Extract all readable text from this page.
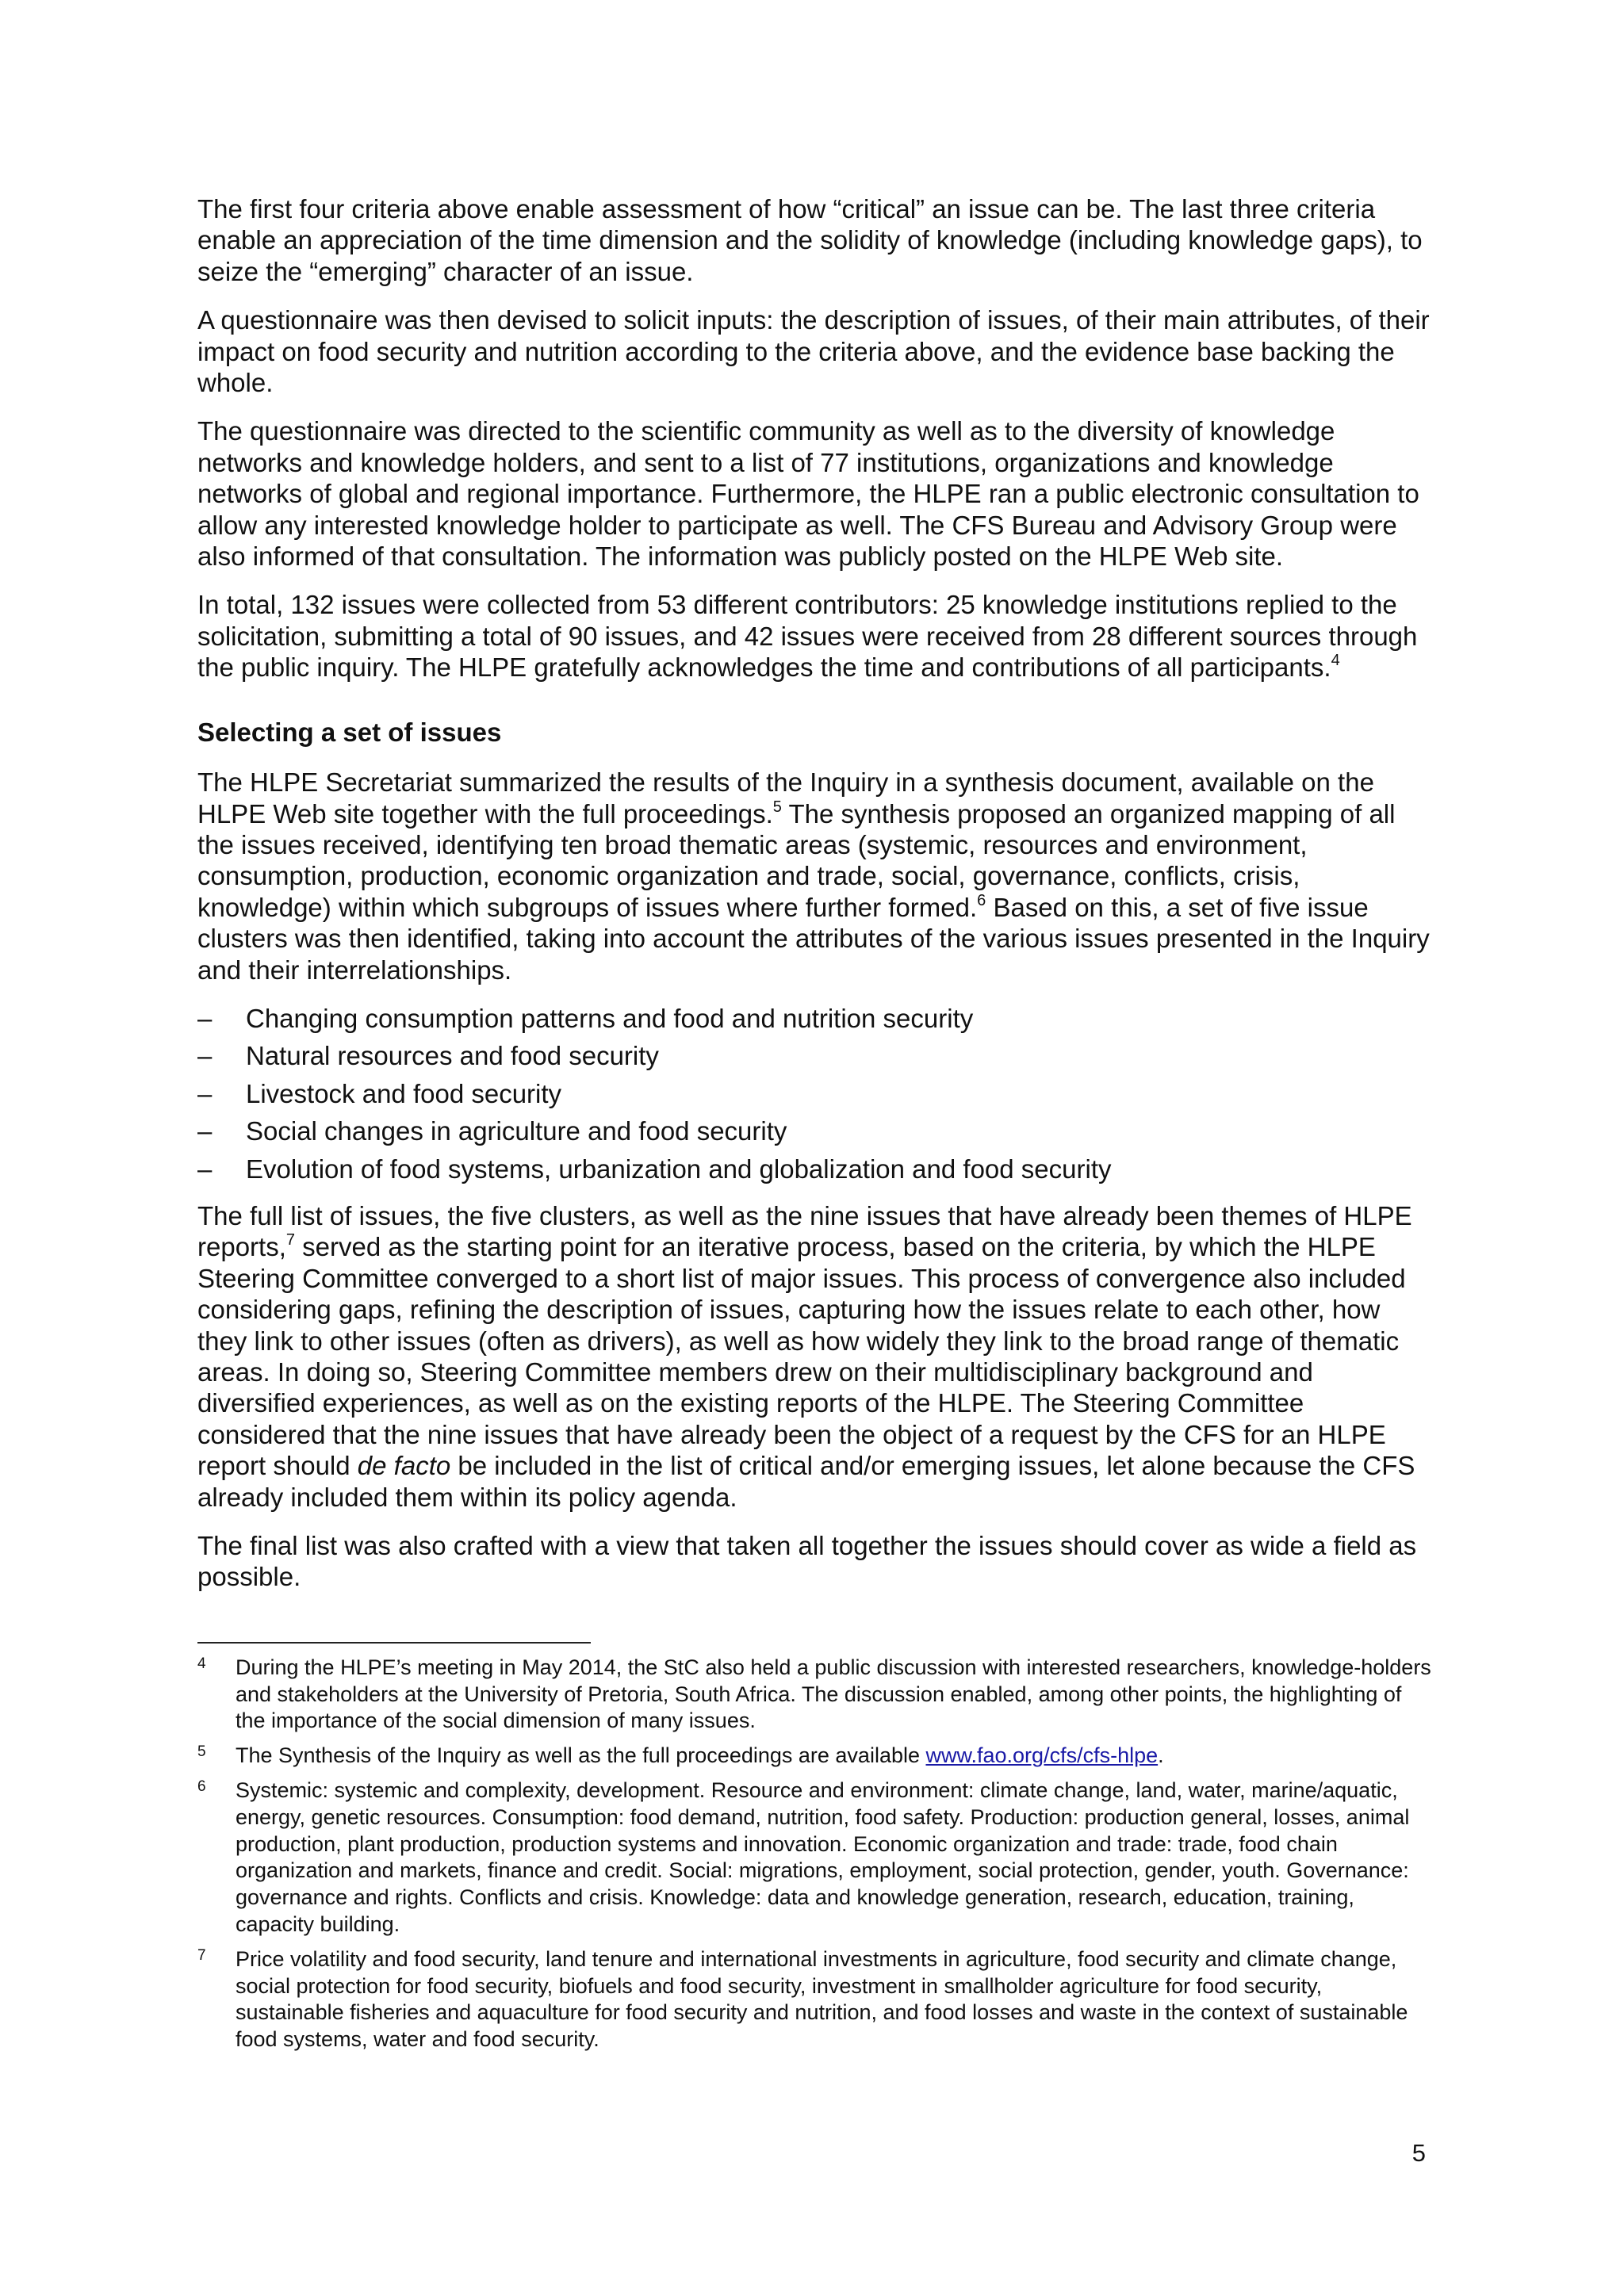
The first four criteria above enable assessment of how “critical” an issue can be. The last three criteria enable an appreciation of the time dimension and the solidity of knowledge (including knowledge gaps), to seize the “emerging” character of an issue.

A questionnaire was then devised to solicit inputs: the description of issues, of their main attributes, of their impact on food security and nutrition according to the criteria above, and the evidence base backing the whole.

The questionnaire was directed to the scientific community as well as to the diversity of knowledge networks and knowledge holders, and sent to a list of 77 institutions, organizations and knowledge networks of global and regional importance. Furthermore, the HLPE ran a public electronic consultation to allow any interested knowledge holder to participate as well. The CFS Bureau and Advisory Group were also informed of that consultation. The information was publicly posted on the HLPE Web site.

In total, 132 issues were collected from 53 different contributors: 25 knowledge institutions replied to the solicitation, submitting a total of 90 issues, and 42 issues were received from 28 different sources through the public inquiry. The HLPE gratefully acknowledges the time and contributions of all participants.$^4$

Selecting a set of issues

The HLPE Secretariat summarized the results of the Inquiry in a synthesis document, available on the HLPE Web site together with the full proceedings.$^5$ The synthesis proposed an organized mapping of all the issues received, identifying ten broad thematic areas (systemic, resources and environment, consumption, production, economic organization and trade, social, governance, conflicts, crisis, knowledge) within which subgroups of issues where further formed.$^6$ Based on this, a set of five issue clusters was then identified, taking into account the attributes of the various issues presented in the Inquiry and their interrelationships.

– Changing consumption patterns and food and nutrition security
– Natural resources and food security
– Livestock and food security
– Social changes in agriculture and food security
– Evolution of food systems, urbanization and globalization and food security

The full list of issues, the five clusters, as well as the nine issues that have already been themes of HLPE reports,$^7$ served as the starting point for an iterative process, based on the criteria, by which the HLPE Steering Committee converged to a short list of major issues. This process of convergence also included considering gaps, refining the description of issues, capturing how the issues relate to each other, how they link to other issues (often as drivers), as well as how widely they link to the broad range of thematic areas. In doing so, Steering Committee members drew on their multidisciplinary background and diversified experiences, as well as on the existing reports of the HLPE. The Steering Committee considered that the nine issues that have already been the object of a request by the CFS for an HLPE report should de facto be included in the list of critical and/or emerging issues, let alone because the CFS already included them within its policy agenda.

The final list was also crafted with a view that taken all together the issues should cover as wide a field as possible.

4 During the HLPE’s meeting in May 2014, the StC also held a public discussion with interested researchers, knowledge-holders and stakeholders at the University of Pretoria, South Africa. The discussion enabled, among other points, the highlighting of the importance of the social dimension of many issues.
5 The Synthesis of the Inquiry as well as the full proceedings are available www.fao.org/cfs/cfs-hlpe.
6 Systemic: systemic and complexity, development. Resource and environment: climate change, land, water, marine/aquatic, energy, genetic resources. Consumption: food demand, nutrition, food safety. Production: production general, losses, animal production, plant production, production systems and innovation. Economic organization and trade: trade, food chain organization and markets, finance and credit. Social: migrations, employment, social protection, gender, youth. Governance: governance and rights. Conflicts and crisis. Knowledge: data and knowledge generation, research, education, training, capacity building.
7 Price volatility and food security, land tenure and international investments in agriculture, food security and climate change, social protection for food security, biofuels and food security, investment in smallholder agriculture for food security, sustainable fisheries and aquaculture for food security and nutrition, and food losses and waste in the context of sustainable food systems, water and food security.
5
